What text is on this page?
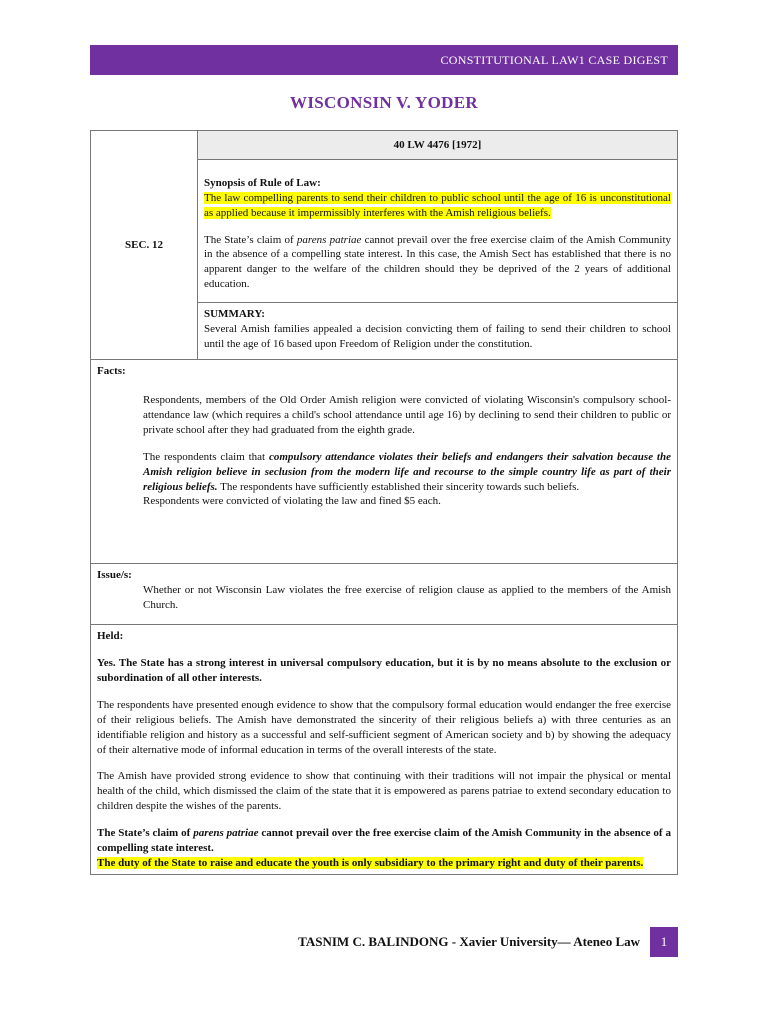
CONSTITUTIONAL LAW1 CASE DIGEST
WISCONSIN V. YODER
SEC. 12	40 LW 4476 [1972]

Synopsis of Rule of Law:

The law compelling parents to send their children to public school until the age of 16 is unconstitutional as applied because it impermissibly interferes with the Amish religious beliefs.

The State’s claim of parens patriae cannot prevail over the free exercise claim of the Amish Community in the absence of a compelling state interest. In this case, the Amish Sect has established that there is no apparent danger to the welfare of the children should they be deprived of the 2 years of additional education.

SUMMARY:

Several Amish families appealed a decision convicting them of failing to send their children to school until the age of 16 based upon Freedom of Religion under the constitution.

Facts:

Respondents, members of the Old Order Amish religion were convicted of violating Wisconsin's compulsory school-attendance law (which requires a child's school attendance until age 16) by declining to send their children to public or private school after they had graduated from the eighth grade.

The respondents claim that compulsory attendance violates their beliefs and endangers their salvation because the Amish religion believe in seclusion from the modern life and recourse to the simple country life as part of their religious beliefs. The respondents have sufficiently established their sincerity towards such beliefs.

Respondents were convicted of violating the law and fined $5 each.

Issue/s:

Whether or not Wisconsin Law violates the free exercise of religion clause as applied to the members of the Amish Church.

Held:

Yes. The State has a strong interest in universal compulsory education, but it is by no means absolute to the exclusion or subordination of all other interests.

The respondents have presented enough evidence to show that the compulsory formal education would endanger the free exercise of their religious beliefs. The Amish have demonstrated the sincerity of their religious beliefs a) with three centuries as an identifiable religion and history as a successful and self-sufficient segment of American society and b) by showing the adequacy of their alternative mode of informal education in terms of the overall interests of the state.

The Amish have provided strong evidence to show that continuing with their traditions will not impair the physical or mental health of the child, which dismissed the claim of the state that it is empowered as parens patriae to extend secondary education to children despite the wishes of the parents.

The State’s claim of parens patriae cannot prevail over the free exercise claim of the Amish Community in the absence of a compelling state interest.

The duty of the State to raise and educate the youth is only subsidiary to the primary right and duty of their parents.

TASNIM C. BALINDONG - Xavier University— Ateneo Law	1
